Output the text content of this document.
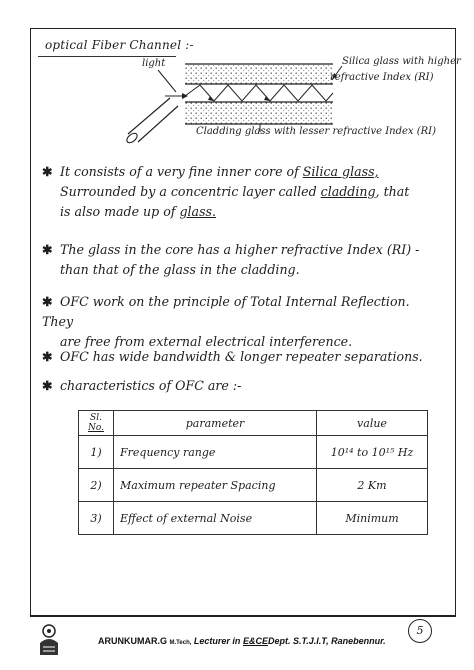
optical Fiber Channel :-
light	Silica glass with higher
refractive Index (RI)
Cladding glass with lesser refractive Index (RI)
✱ It consists of a very fine inner core of Silica glass,
Surrounded by a concentric layer called cladding, that
is also made up of glass.
✱ The glass in the core has a higher refractive Index (RI) -
than that of the glass in the cladding.
✱ OFC work on the principle of Total Internal Reflection. They
are free from external electrical interference.
✱ OFC has wide bandwidth & longer repeater separations.
✱ characteristics of OFC are :-
Sl.
No.	parameter	value
1)	Frequency range	10¹⁴ to 10¹⁵ Hz
2)	Maximum repeater Spacing	2 Km
3)	Effect of external Noise	Minimum
ARUNKUMAR.G M.Tech, Lecturer in E&CEDept. S.T.J.I.T, Ranebennur.
5
